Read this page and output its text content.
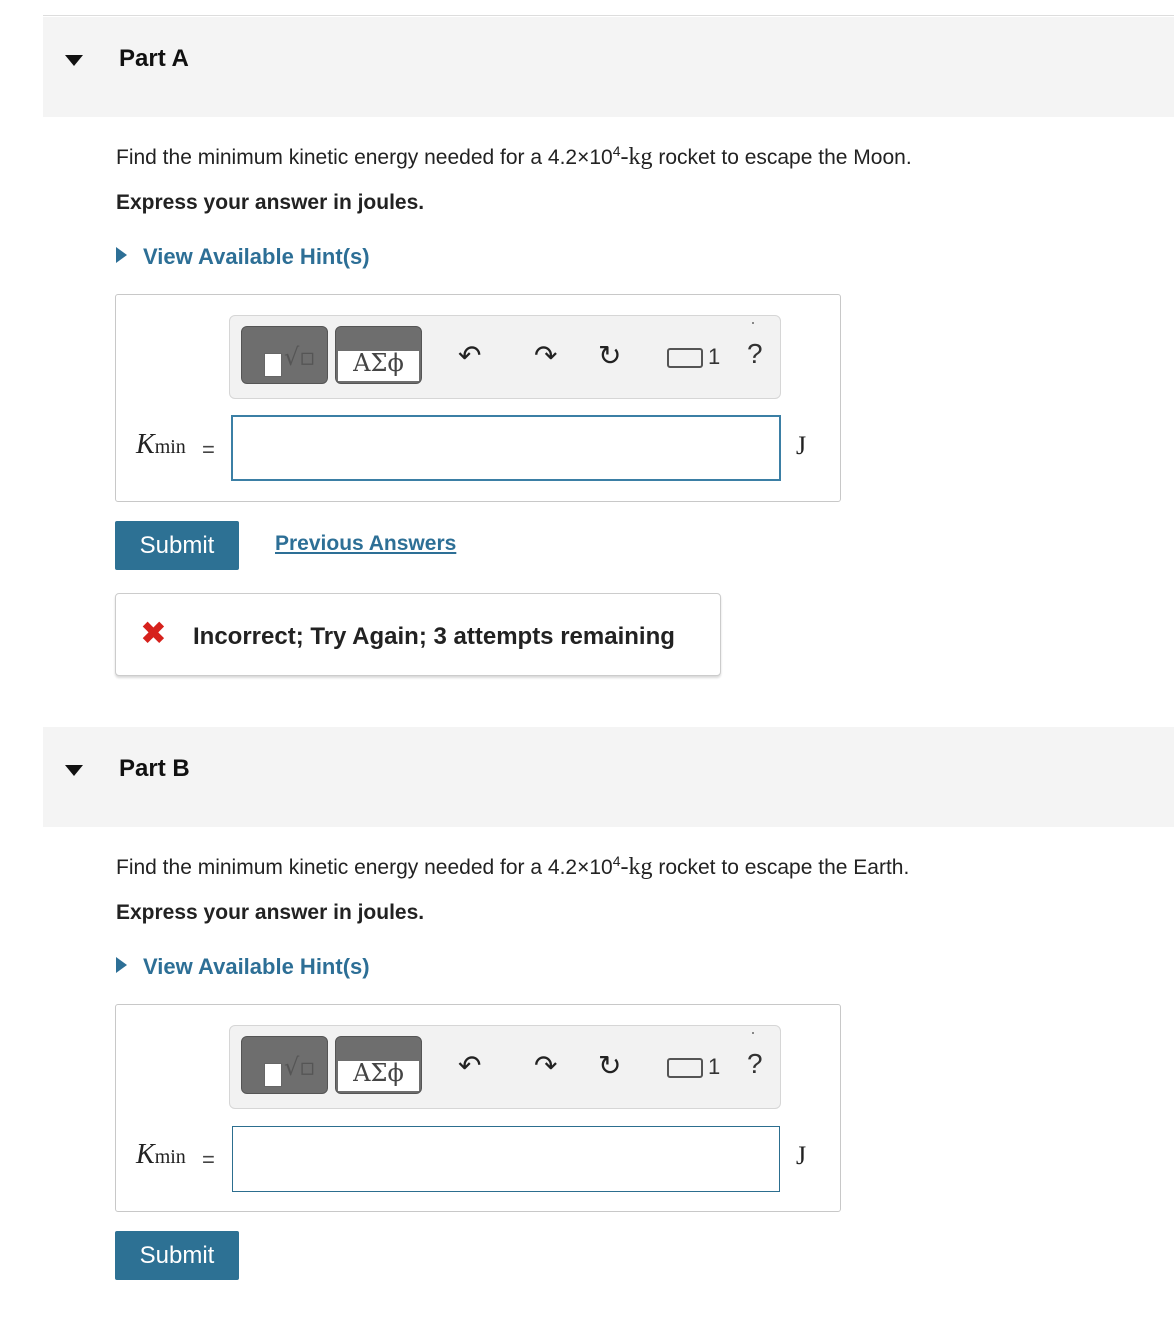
Part A
Find the minimum kinetic energy needed for a $4.2\times 10^4-kg$ rocket to escape the Moon.
Express your answer in joules.
View Available Hint(s)
√▫	ΑΣϕ	↶ ↷ ↻	1 ?
Kmin =	J
Submit	Previous Answers
✖ Incorrect; Try Again; 3 attempts remaining
Part B
Find the minimum kinetic energy needed for a $4.2\times 10^4-kg$ rocket to escape the Earth.
Express your answer in joules.
View Available Hint(s)
√▫	ΑΣϕ	↶ ↷ ↻	1 ?
Kmin =	J
Submit
